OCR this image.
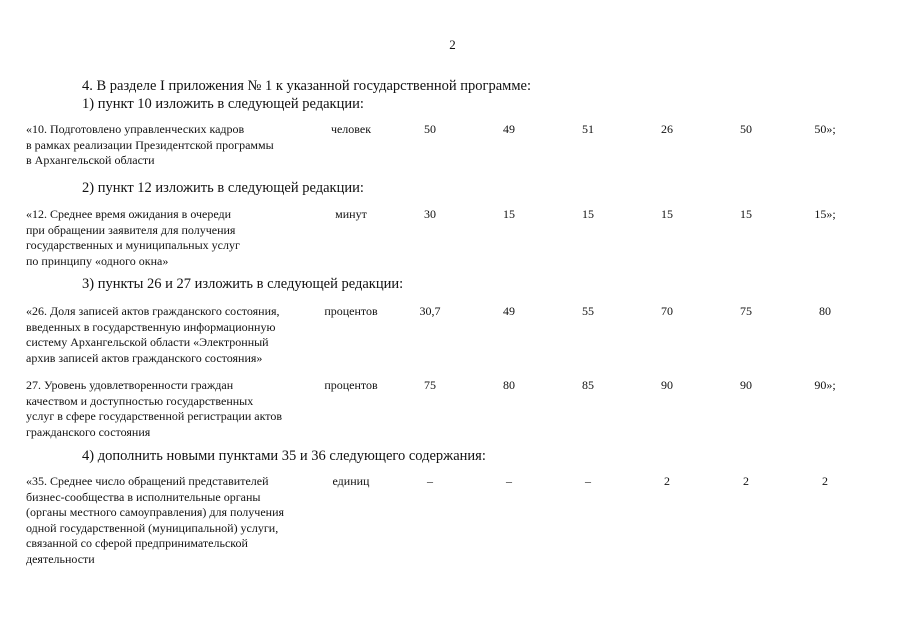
2
4. В разделе I приложения № 1 к указанной государственной программе:
1) пункт 10 изложить в следующей редакции:
«10. Подготовлено управленческих кадров
в рамках реализации Президентской программы
в Архангельской области
человек	50	49	51	26	50	50»;
2) пункт 12 изложить в следующей редакции:
«12. Среднее время ожидания в очереди
при обращении заявителя для получения
государственных и муниципальных услуг
по принципу «одного окна»
минут	30	15	15	15	15	15»;
3) пункты 26 и 27 изложить в следующей редакции:
«26. Доля записей актов гражданского состояния,
введенных в государственную информационную
систему Архангельской области «Электронный
архив записей актов гражданского состояния»
процентов	30,7	49	55	70	75	80
27. Уровень удовлетворенности граждан
качеством и доступностью государственных
услуг в сфере государственной регистрации актов
гражданского состояния
процентов	75	80	85	90	90	90»;
4) дополнить новыми пунктами 35 и 36 следующего содержания:
«35. Среднее число обращений представителей
бизнес-сообщества в исполнительные органы
(органы местного самоуправления) для получения
одной государственной (муниципальной) услуги,
связанной со сферой предпринимательской
деятельности
единиц	–	–	–	2	2	2
